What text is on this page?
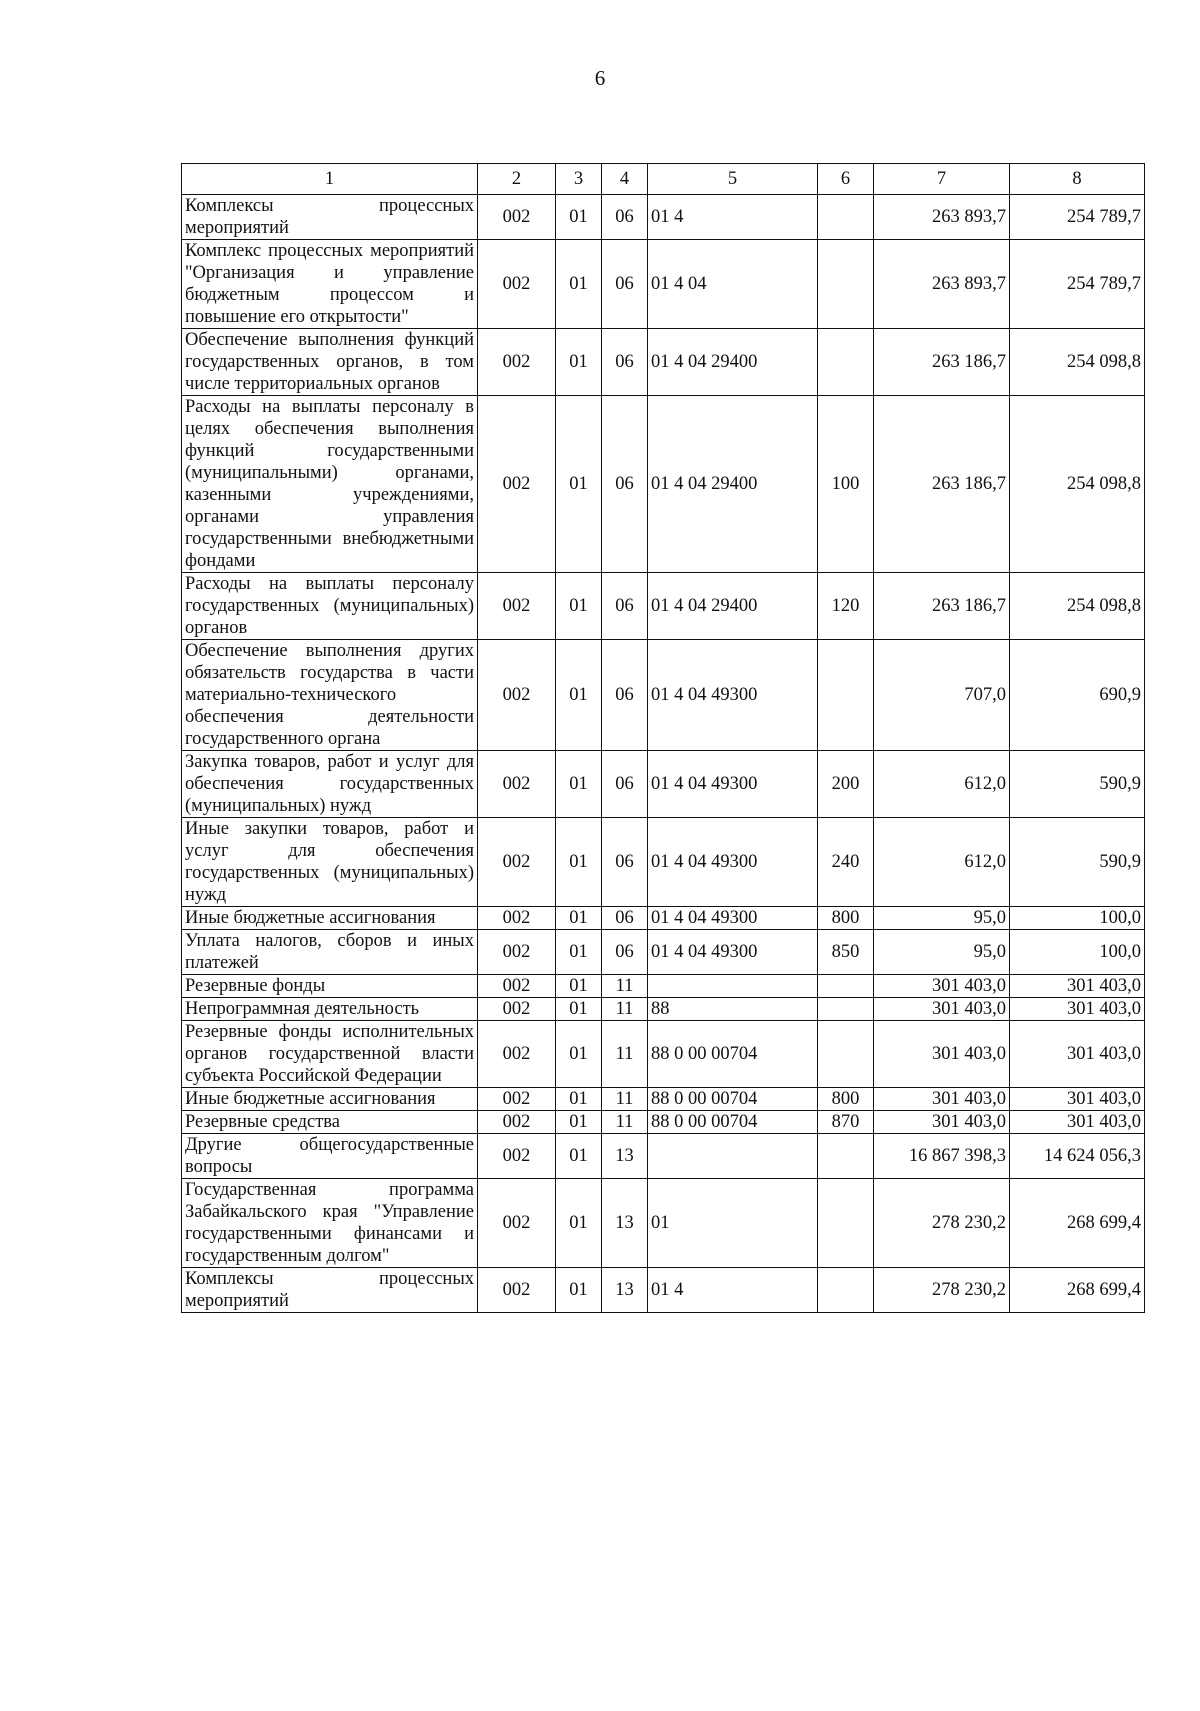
6
1	2	3	4	5	6	7	8
Комплексы процессных мероприятий	002	01	06	01 4		263 893,7	254 789,7
Комплекс процессных мероприятий "Организация и управление бюджетным процессом и повышение его открытости"	002	01	06	01 4 04		263 893,7	254 789,7
Обеспечение выполнения функций государственных органов, в том числе территориальных органов	002	01	06	01 4 04 29400		263 186,7	254 098,8
Расходы на выплаты персоналу в целях обеспечения выполнения функций государственными (муниципальными) органами, казенными учреждениями, органами управления государственными внебюджетными фондами	002	01	06	01 4 04 29400	100	263 186,7	254 098,8
Расходы на выплаты персоналу государственных (муниципальных) органов	002	01	06	01 4 04 29400	120	263 186,7	254 098,8
Обеспечение выполнения других обязательств государства в части материально-технического обеспечения деятельности государственного органа	002	01	06	01 4 04 49300		707,0	690,9
Закупка товаров, работ и услуг для обеспечения государственных (муниципальных) нужд	002	01	06	01 4 04 49300	200	612,0	590,9
Иные закупки товаров, работ и услуг для обеспечения государственных (муниципальных) нужд	002	01	06	01 4 04 49300	240	612,0	590,9
Иные бюджетные ассигнования	002	01	06	01 4 04 49300	800	95,0	100,0
Уплата налогов, сборов и иных платежей	002	01	06	01 4 04 49300	850	95,0	100,0
Резервные фонды	002	01	11			301 403,0	301 403,0
Непрограммная деятельность	002	01	11	88		301 403,0	301 403,0
Резервные фонды исполнительных органов государственной власти субъекта Российской Федерации	002	01	11	88 0 00 00704		301 403,0	301 403,0
Иные бюджетные ассигнования	002	01	11	88 0 00 00704	800	301 403,0	301 403,0
Резервные средства	002	01	11	88 0 00 00704	870	301 403,0	301 403,0
Другие общегосударственные вопросы	002	01	13			16 867 398,3	14 624 056,3
Государственная программа Забайкальского края "Управление государственными финансами и государственным долгом"	002	01	13	01		278 230,2	268 699,4
Комплексы процессных мероприятий	002	01	13	01 4		278 230,2	268 699,4
